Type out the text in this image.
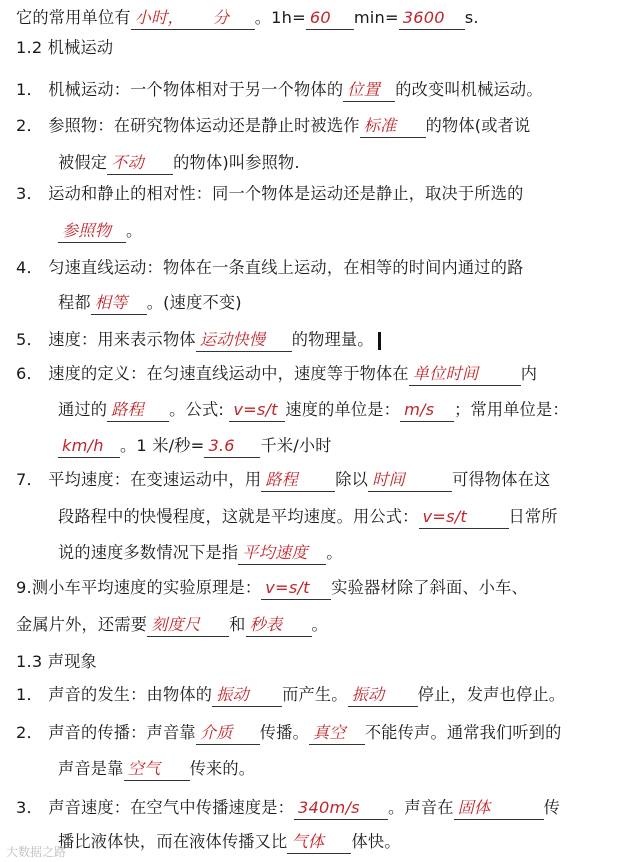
它的常用单位有 小时， 分 。1h= 60 min= 3600 s.
1.2 机械运动
1． 机械运动：一个物体相对于另一个物体的 位置 的改变叫机械运动。
2． 参照物：在研究物体运动还是静止时被选作 标准 的物体(或者说
被假定 不动 的物体)叫参照物.
3． 运动和静止的相对性：同一个物体是运动还是静止，取决于所选的
参照物 。
4． 匀速直线运动：物体在一条直线上运动，在相等的时间内通过的路
程都 相等 。(速度不变)
5． 速度：用来表示物体 运动快慢 的物理量。
6． 速度的定义：在匀速直线运动中，速度等于物体在 单位时间	内
通过的 路程 。公式: v=s/t 速度的单位是： m/s ；常用单位是：
km/h 。1 米/秒= 3.6 千米/小时
7． 平均速度：在变速运动中，用 路程 除以 时间	可得物体在这
段路程中的快慢程度，这就是平均速度。用公式： v=s/t	日常所
说的速度多数情况下是指 平均速度 。
9.测小车平均速度的实验原理是： v=s/t 实验器材除了斜面、小车、
金属片外，还需要 刻度尺 和 秒表 。
1.3 声现象
1． 声音的发生：由物体的 振动 而产生。 振动 停止，发声也停止。
2． 声音的传播：声音靠 介质 传播。 真空 不能传声。通常我们听到的
声音是靠 空气 传来的。
3． 声音速度：在空气中传播速度是： 340m/s 。声音在 固体	传
播比液体快，而在液体传播又比 气体 体快。
大数据之路
